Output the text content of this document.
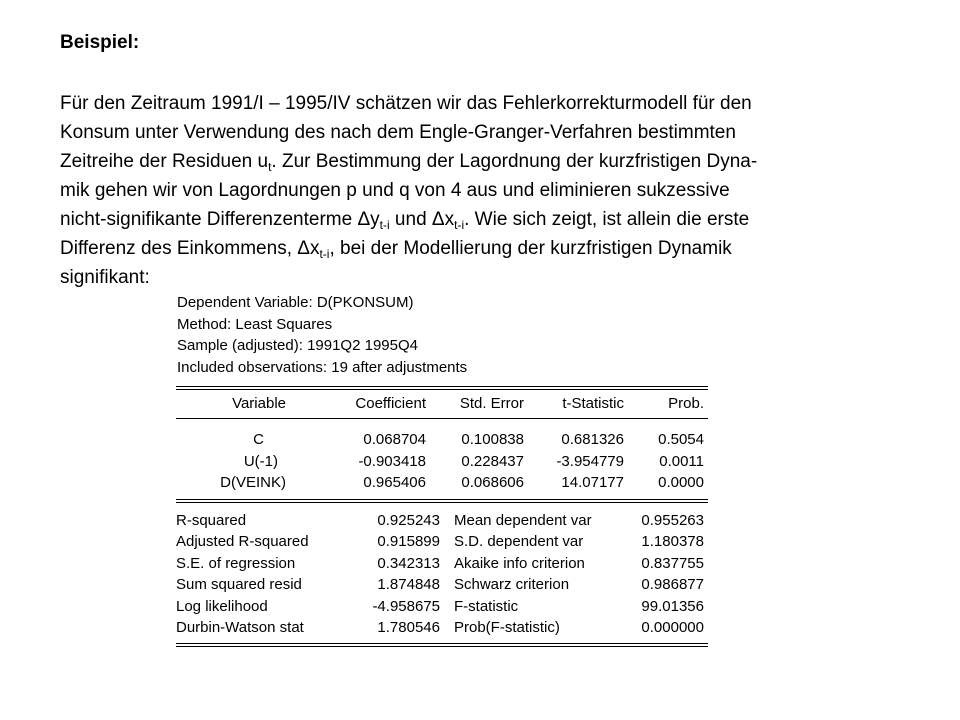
Beispiel:
Für den Zeitraum 1991/I – 1995/IV schätzen wir das Fehlerkorrekturmodell für den
Konsum unter Verwendung des nach dem Engle-Granger-Verfahren bestimmten
Zeitreihe der Residuen $u_t$. Zur Bestimmung der Lagordnung der kurzfristigen Dyna-
mik gehen wir von Lagordnungen p und q von 4 aus und eliminieren sukzessive
nicht-signifikante Differenzenterme $\Delta y_{t-i}$ und $\Delta x_{t-i}$. Wie sich zeigt, ist allein die erste
Differenz des Einkommens, $\Delta x_{t-i}$, bei der Modellierung der kurzfristigen Dynamik
signifikant:
Dependent Variable: D(PKONSUM)
Method: Least Squares
Sample (adjusted): 1991Q2 1995Q4
Included observations: 19 after adjustments
Variable	Coefficient	Std. Error	t-Statistic	Prob.
C	0.068704	0.100838	0.681326	0.5054
U(-1)	-0.903418	0.228437	-3.954779	0.0011
D(VEINK)	0.965406	0.068606	14.07177	0.0000
R-squared	0.925243		Mean dependent var	0.955263
Adjusted R-squared	0.915899		S.D. dependent var	1.180378
S.E. of regression	0.342313		Akaike info criterion	0.837755
Sum squared resid	1.874848		Schwarz criterion	0.986877
Log likelihood	-4.958675		F-statistic	99.01356
Durbin-Watson stat	1.780546		Prob(F-statistic)	0.000000
